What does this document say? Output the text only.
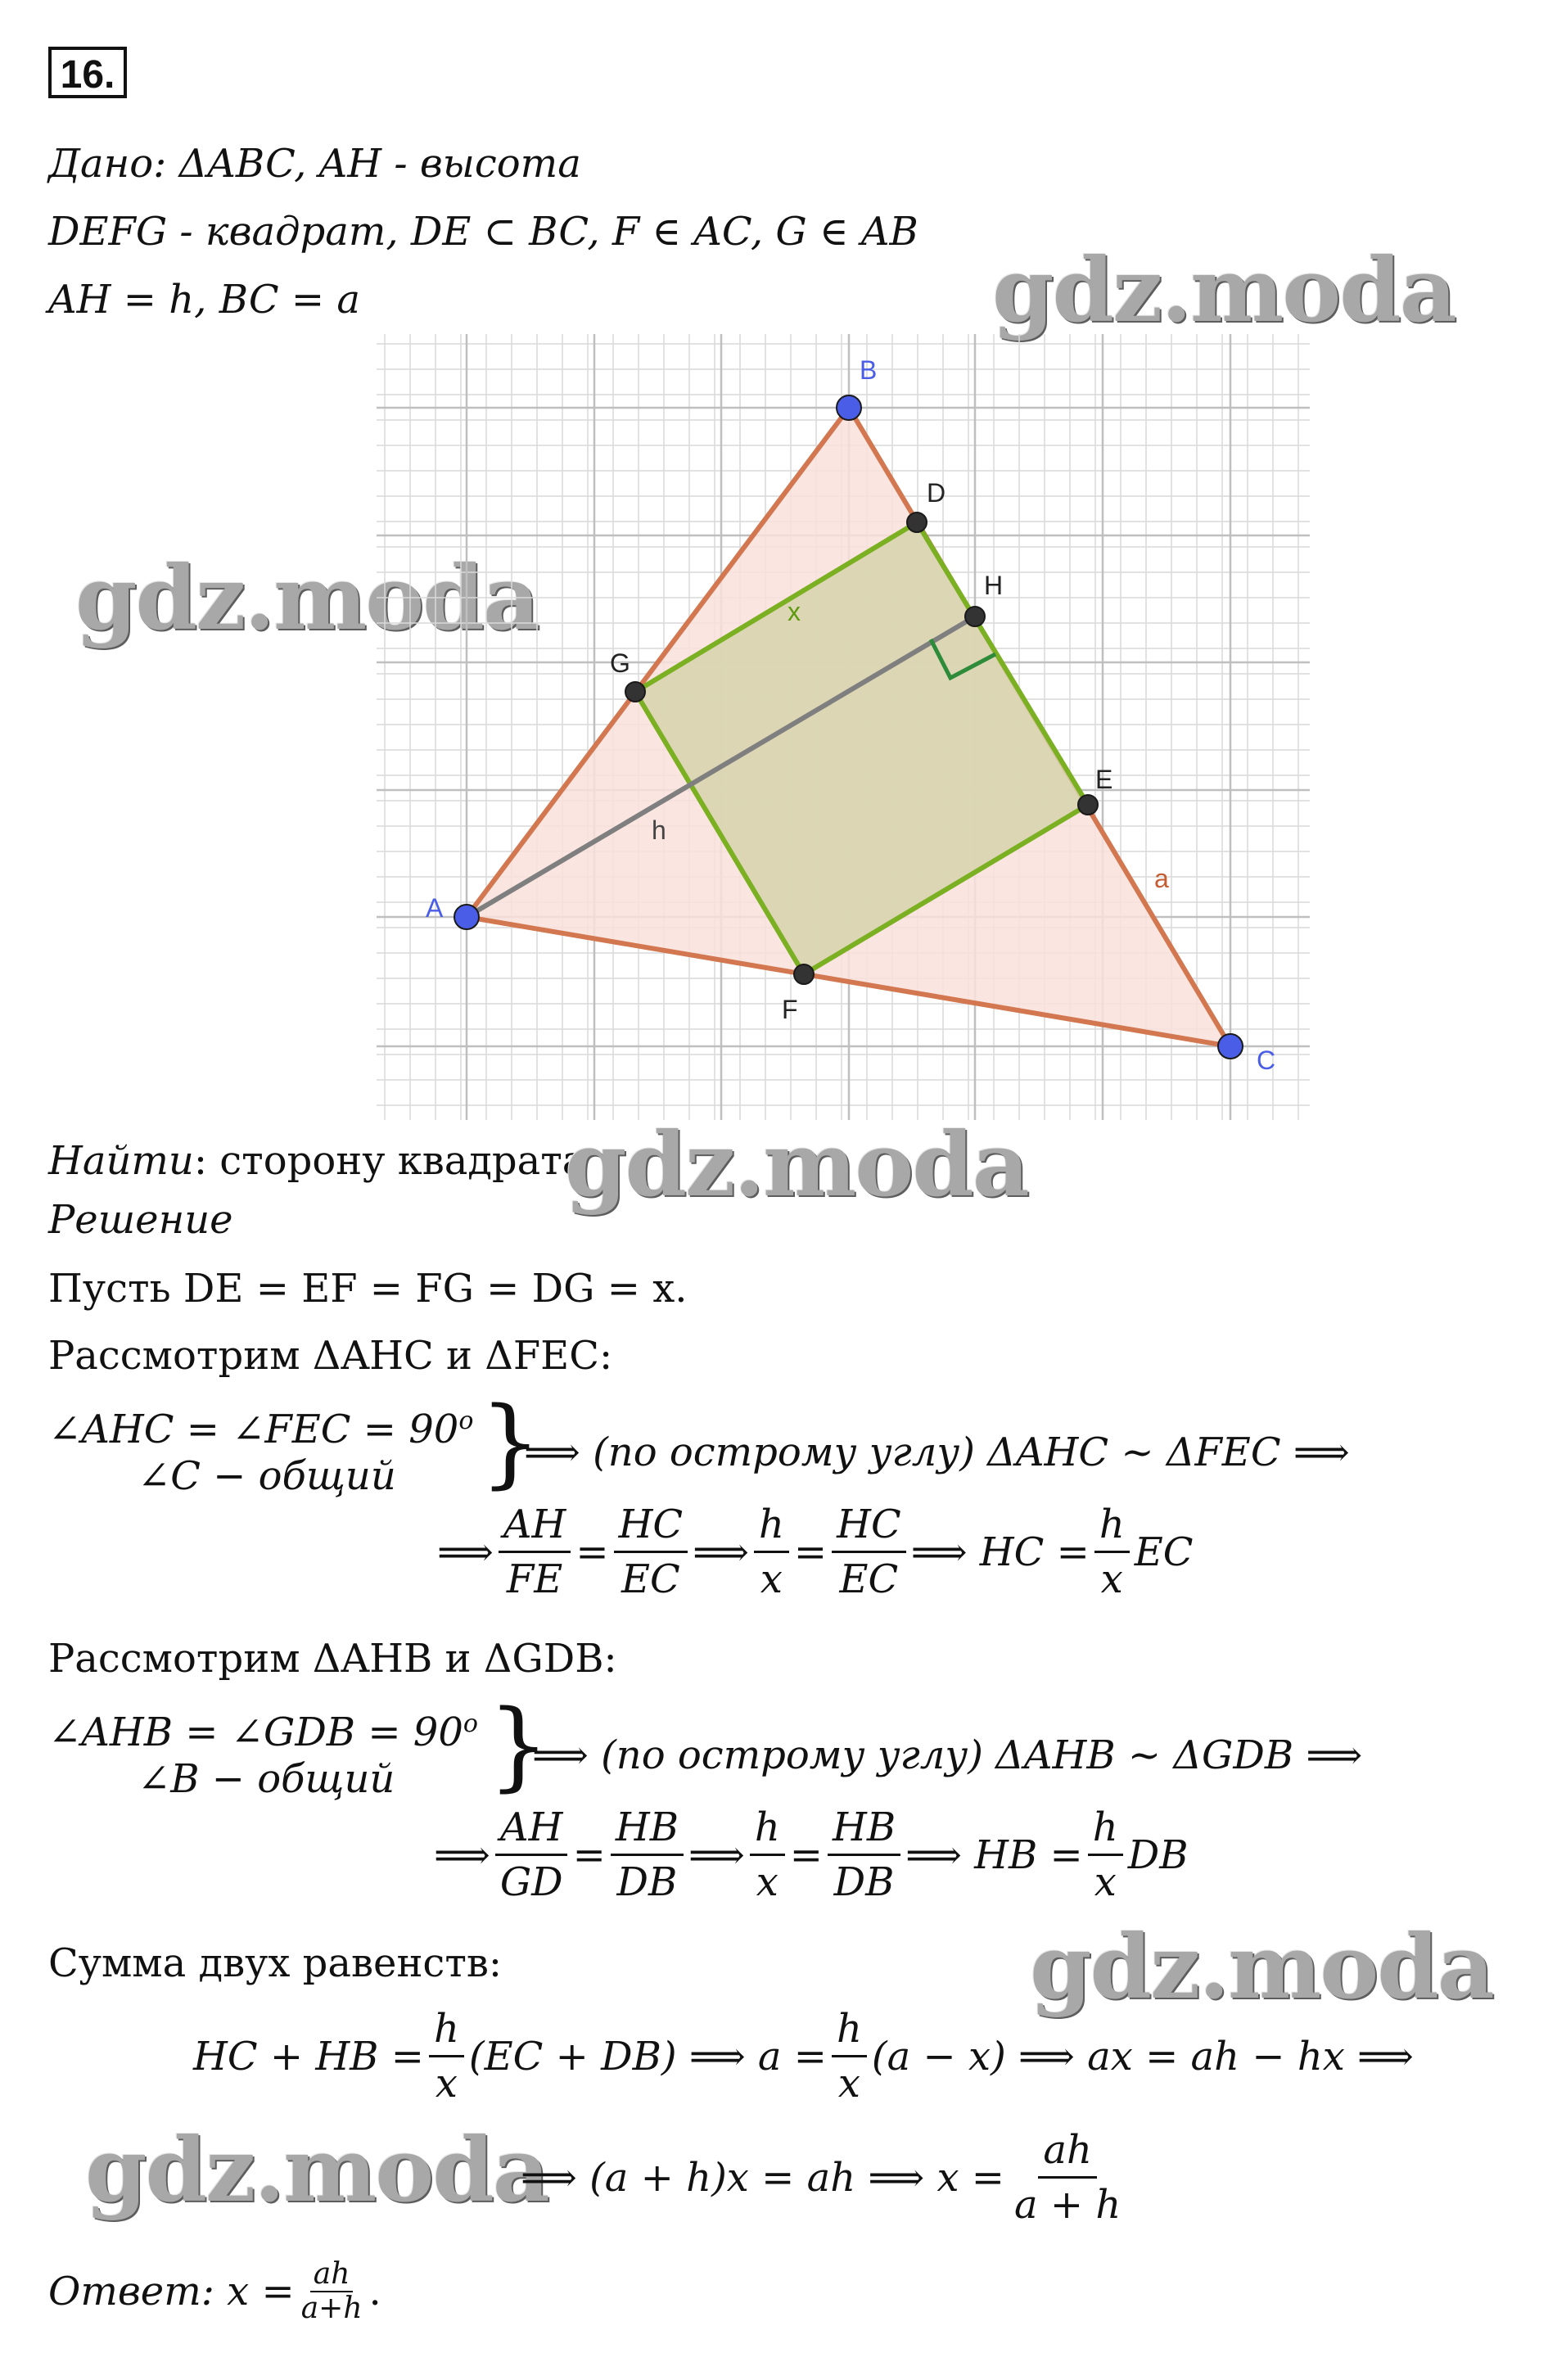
16.
Дано: ΔABC, AH - высота
DEFG - квадрат, DE ⊂ BC, F ∈ AC, G ∈ AB
AH = h, BC = a	gdz.moda
gdz.moda
A
B
C
D
E
F
G
H
x
h
a
Найти: сторону квадрата
gdz.moda
Решение
Пусть DE = EF = FG = DG = x.
Рассмотрим ΔAHC и ΔFEC:
∠AHC = ∠FEC = $90^o$
∠C − общий }
⟹ (по острому углу) ΔAHC ~ ΔFEC ⟹
⟹ $\frac{AH}{FE} = \frac{HC}{EC}$ ⟹ $\frac{h}{x} = \frac{HC}{EC}$ ⟹ HC = $\frac{h}{x}$ EC
Рассмотрим ΔAHB и ΔGDB:
∠AHB = ∠GDB = $90^o$
∠B − общий }
⟹ (по острому углу) ΔAHB ~ ΔGDB ⟹
⟹ $\frac{AH}{GD} = \frac{HB}{DB}$ ⟹ $\frac{h}{x} = \frac{HB}{DB}$ ⟹ HB = $\frac{h}{x}$ DB
Сумма двух равенств:	gdz.moda
HC + HB = $\frac{h}{x} (EC + DB)$ ⟹ $a = \frac{h}{x} (a - x)$ ⟹ ax = ah − hx ⟹
gdz.moda
⟹ (a + h)x = ah ⟹ $x = \frac{ah}{a + h}$
Ответ : $x = \frac{ah}{a+h}$ .
